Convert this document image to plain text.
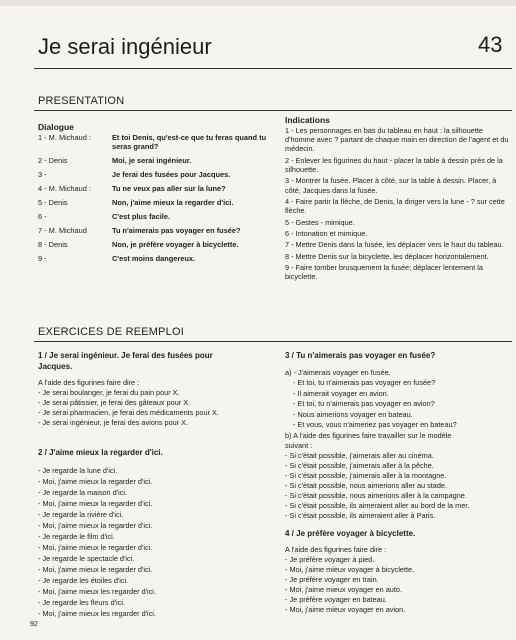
Je serai ingénieur	43
PRESENTATION
Dialogue
Indications
1 - M. Michaud :	Et toi Denis, qu'est-ce que tu feras quand tu seras grand?
2 - Denis	Moi, je serai ingénieur.
3 -	Je ferai des fusées pour Jacques.
4 - M. Michaud :	Tu ne veux pas aller sur la lune?
5 - Denis	Non, j'aime mieux la regarder d'ici.
6 -	C'est plus facile.
7 - M. Michaud	Tu n'aimerais pas voyager en fusée?
8 - Denis	Non, je préfère voyager à bicyclette.
9 -	C'est moins dangereux.
1 - Les personnages en bas du tableau en haut : la silhouette d'homme avec ? partant de chaque main en direction de l'agent et du médecin.
2 - Enlever les figurines du haut - placer la table à dessin près de la silhouette.
3 - Montrer la fusée. Placer à côté, sur la table à dessin. Placer, à côté, Jacques dans la fusée.
4 - Faire partir la flèche, de Denis, la diriger vers la lune - ? sur cette flèche.
5 - Gestes - mimique.
6 - Intonation et mimique.
7 - Mettre Denis dans la fusée, les déplacer vers le haut du tableau.
8 - Mettre Denis sur la bicyclette, les déplacer horizontalement.
9 - Faire tomber brusquement la fusée; déplacer lentement la bicyclette.
EXERCICES DE REEMPLOI
1 / Je serai ingénieur. Je ferai des fusées pour
Jacques.
A l'aide des figurines faire dire :
- Je serai boulanger, je ferai du pain pour X.
- Je serai pâtissier, je ferai des gâteaux pour X.
- Je serai pharmacien, je ferai des médicaments pour X.
- Je serai ingénieur, je ferai des avions pour X.
2 / J'aime mieux la regarder d'ici.
- Je regarde la lune d'ici.
- Moi, j'aime mieux la regarder d'ici.
- Je regarde la maison d'ici.
- Moi, j'aime mieux la regarder d'ici.
- Je regarde la rivière d'ici.
- Moi, j'aime mieux la regarder d'ici.
- Je regarde le film d'ici.
- Moi, j'aime mieux le regarder d'ici.
- Je regarde le spectacle d'ici.
- Moi, j'aime mieux le regarder d'ici.
- Je regarde les étoiles d'ici.
- Moi, j'aime mieux les regarder d'ici.
- Je regarde les fleurs d'ici.
- Moi, j'aime mieux les regarder d'ici.
3 / Tu n'aimerais pas voyager en fusée?
a) - J'aimerais voyager en fusée.
- Et toi, tu n'aimerais pas voyager en fusée?
- Il aimerait voyager en avion.
- Et toi, tu n'aimerais pas voyager en avion?
- Nous aimerions voyager en bateau.
- Et vous, vous n'aimeriez pas voyager en bateau?
b) A l'aide des figurines faire travailler sur le modèle
suivant :
- Si c'était possible, j'aimerais aller au cinéma.
- Si c'était possible, j'aimerais aller à la pêche.
- Si c'était possible, j'aimerais aller à la montagne.
- Si c'était possible, nous aimerions aller au stade.
- Si c'était possible, nous aimerions aller à la campagne.
- Si c'était possible, ils aimeraient aller au bord de la mer.
- Si c'était possible, ils aimeraient aller à Paris.
4 / Je préfère voyager à bicyclette.
A l'aide des figurines faire dire :
- Je préfère voyager à pied.
- Moi, j'aime mieux voyager à bicyclette.
- Je préfère voyager en train.
- Moi, j'aime mieux voyager en auto.
- Je préfère voyager en bateau.
- Moi, j'aime mieux voyager en avion.
92
